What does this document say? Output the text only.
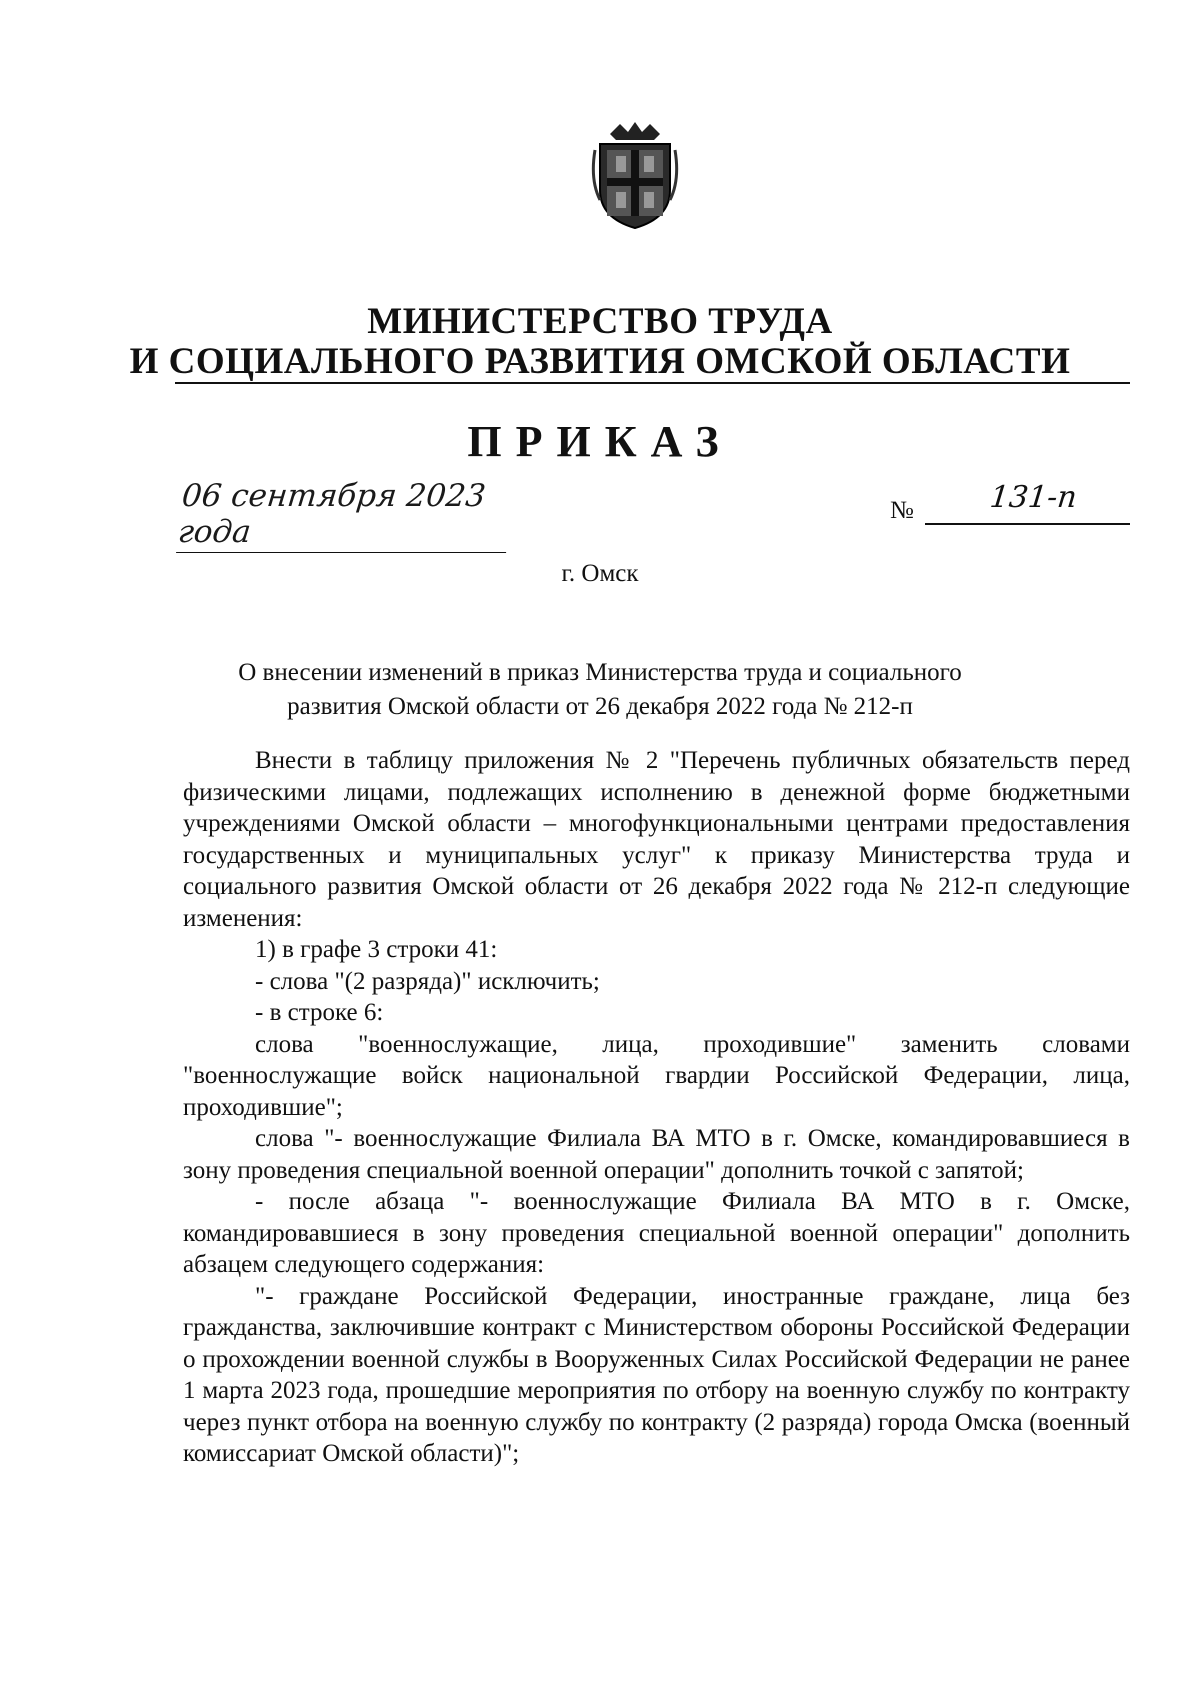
МИНИСТЕРСТВО ТРУДА
И СОЦИАЛЬНОГО РАЗВИТИЯ ОМСКОЙ ОБЛАСТИ
ПРИКАЗ
06 сентября 2023 года
№ 131-п
г. Омск
О внесении изменений в приказ Министерства труда и социального
развития Омской области от 26 декабря 2022 года № 212-п

Внести в таблицу приложения № 2 "Перечень публичных обязательств перед физическими лицами, подлежащих исполнению в денежной форме бюджетными учреждениями Омской области – многофункциональными центрами предоставления государственных и муниципальных услуг" к приказу Министерства труда и социального развития Омской области от 26 декабря 2022 года № 212-п следующие изменения:

1) в графе 3 строки 41:

- слова "(2 разряда)" исключить;

- в строке 6:

слова "военнослужащие, лица, проходившие" заменить словами "военнослужащие войск национальной гвардии Российской Федерации, лица, проходившие";

слова "- военнослужащие Филиала ВА МТО в г. Омске, командировавшиеся в зону проведения специальной военной операции" дополнить точкой с запятой;

- после абзаца "- военнослужащие Филиала ВА МТО в г. Омске, командировавшиеся в зону проведения специальной военной операции" дополнить абзацем следующего содержания:

"- граждане Российской Федерации, иностранные граждане, лица без гражданства, заключившие контракт с Министерством обороны Российской Федерации о прохождении военной службы в Вооруженных Силах Российской Федерации не ранее 1 марта 2023 года, прошедшие мероприятия по отбору на военную службу по контракту через пункт отбора на военную службу по контракту (2 разряда) города Омска (военный комиссариат Омской области)";
